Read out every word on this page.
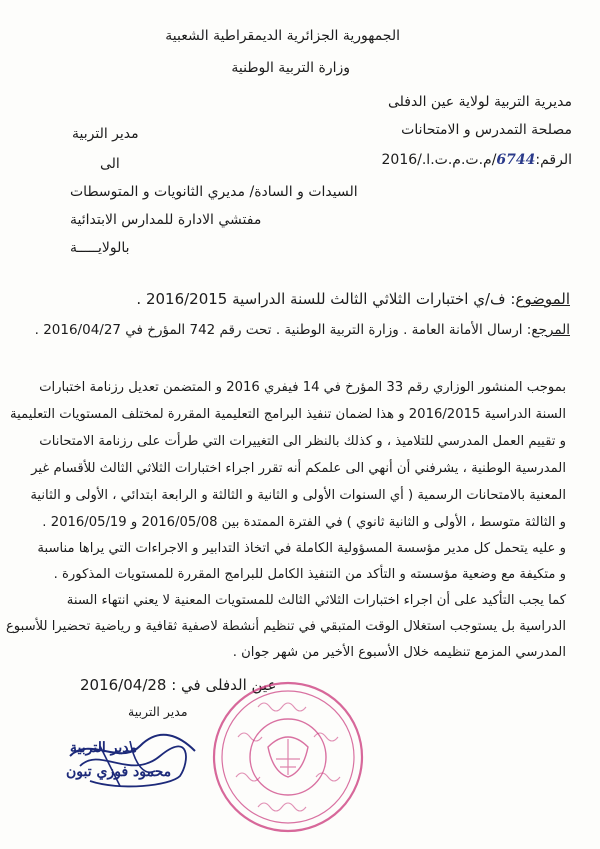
الجمهورية الجزائرية الديمقراطية الشعبية
وزارة التربية الوطنية
مديرية التربية لولاية عين الدفلى
مصلحة التمدرس و الامتحانات
الرقم:6744/م.ت.م.ت.ا./2016
مدير التربية
الى
السيدات و السادة/ مديري الثانويات و المتوسطات
مفتشي الادارة للمدارس الابتدائية
بالولايـــــة
الموضوع: ف/ي اختبارات الثلاثي الثالث للسنة الدراسية 2016/2015 .
المرجع: ارسال الأمانة العامة . وزارة التربية الوطنية . تحت رقم 742 المؤرخ في 2016/04/27 .
بموجب المنشور الوزاري رقم 33 المؤرخ في 14 فيفري 2016 و المتضمن تعديل رزنامة اختبارات
السنة الدراسية 2016/2015 و هذا لضمان تنفيذ البرامج التعليمية المقررة لمختلف المستويات التعليمية
و تقييم العمل المدرسي للتلاميذ ، و كذلك بالنظر الى التغييرات التي طرأت على رزنامة الامتحانات
المدرسية الوطنية ، يشرفني أن أنهي الى علمكم أنه تقرر اجراء اختبارات الثلاثي الثالث للأقسام غير
المعنية بالامتحانات الرسمية ( أي السنوات الأولى و الثانية و الثالثة و الرابعة ابتدائي ، الأولى و الثانية
و الثالثة متوسط ، الأولى و الثانية ثانوي ) في الفترة الممتدة بين 2016/05/08 و 2016/05/19 .
و عليه يتحمل كل مدير مؤسسة المسؤولية الكاملة في اتخاذ التدابير و الاجراءات التي يراها مناسبة
و متكيفة مع وضعية مؤسسته و التأكد من التنفيذ الكامل للبرامج المقررة للمستويات المذكورة .
كما يجب التأكيد على أن اجراء اختبارات الثلاثي الثالث للمستويات المعنية لا يعني انتهاء السنة
الدراسية بل يستوجب استغلال الوقت المتبقي في تنظيم أنشطة لاصفية ثقافية و رياضية تحضيرا للأسبوع
المدرسي المزمع تنظيمه خلال الأسبوع الأخير من شهر جوان .
عين الدفلى في : 2016/04/28
مدير التربية
مدير التربية
محمود فوزي تبون
